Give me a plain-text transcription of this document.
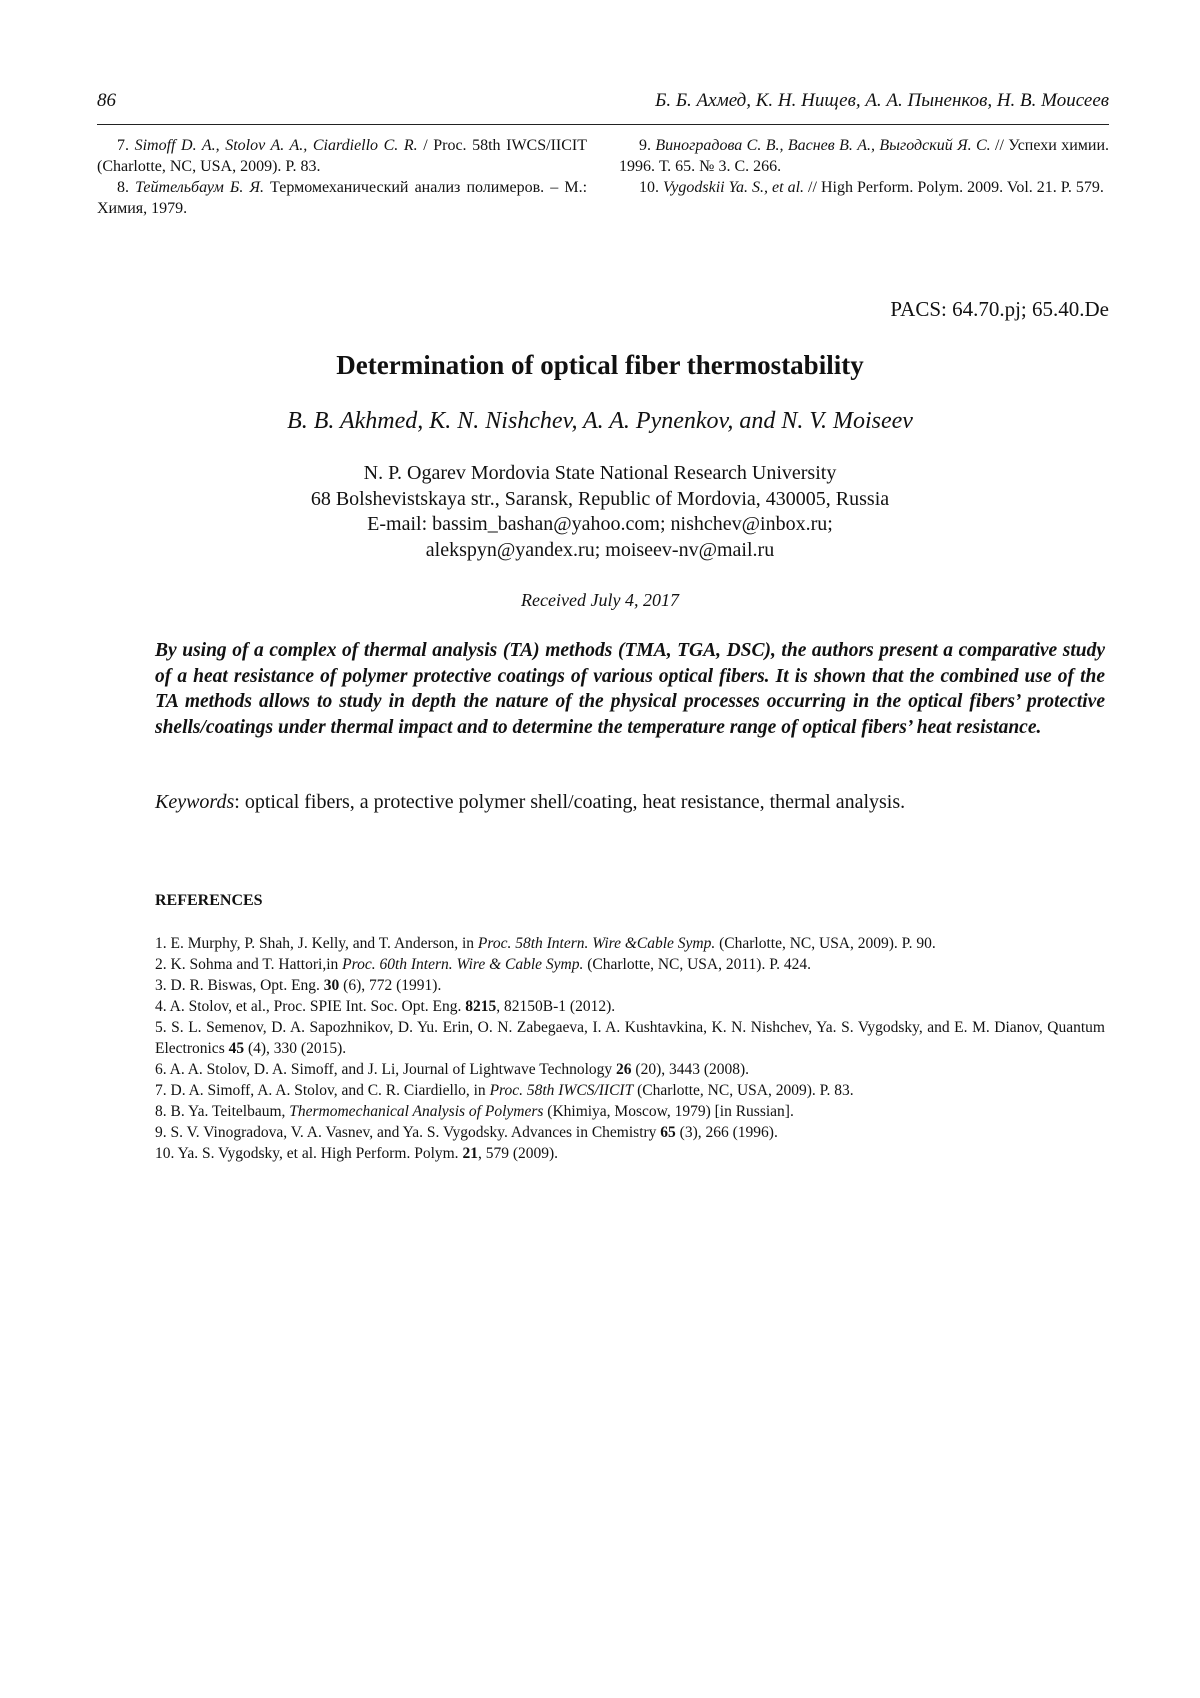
86	Б. Б. Ахмед, К. Н. Нищев, А. А. Пыненков, Н. В. Моисеев

7. Simoff D. A., Stolov A. A., Ciardiello C. R. / Proc. 58th IWCS/IICIT (Charlotte, NC, USA, 2009). P. 83.

8. Тейтельбаум Б. Я. Термомеханический анализ полимеров. – М.: Химия, 1979.

9. Виноградова С. В., Васнев В. А., Выгодский Я. С. // Успехи химии. 1996. Т. 65. № 3. С. 266.

10. Vygodskii Ya. S., et al. // High Perform. Polym. 2009. Vol. 21. P. 579.

PACS: 64.70.pj; 65.40.De
Determination of optical fiber thermostability
B. B. Akhmed, K. N. Nishchev, A. A. Pynenkov, and N. V. Moiseev
N. P. Ogarev Mordovia State National Research University
68 Bolshevistskaya str., Saransk, Republic of Mordovia, 430005, Russia
E-mail: bassim_bashan@yahoo.com; nishchev@inbox.ru;
alekspyn@yandex.ru; moiseev-nv@mail.ru
Received July 4, 2017
By using of a complex of thermal analysis (TA) methods (TMA, TGA, DSC), the authors present a comparative study of a heat resistance of polymer protective coatings of various optical fibers. It is shown that the combined use of the TA methods allows to study in depth the nature of the physical processes occurring in the optical fibers’ protective shells/coatings under thermal impact and to determine the temperature range of optical fibers’ heat resistance.
Keywords: optical fibers, a protective polymer shell/coating, heat resistance, thermal analysis.
REFERENCES

1. E. Murphy, P. Shah, J. Kelly, and T. Anderson, in Proc. 58th Intern. Wire &Cable Symp. (Charlotte, NC, USA, 2009). P. 90.

2. K. Sohma and T. Hattori,in Proc. 60th Intern. Wire & Cable Symp. (Charlotte, NC, USA, 2011). P. 424.

3. D. R. Biswas, Opt. Eng. 30 (6), 772 (1991).

4. A. Stolov, et al., Proc. SPIE Int. Soc. Opt. Eng. 8215, 82150B-1 (2012).

5. S. L. Semenov, D. A. Sapozhnikov, D. Yu. Erin, O. N. Zabegaeva, I. A. Kushtavkina, K. N. Nishchev, Ya. S. Vygodsky, and E. M. Dianov, Quantum Electronics 45 (4), 330 (2015).

6. A. A. Stolov, D. A. Simoff, and J. Li, Journal of Lightwave Technology 26 (20), 3443 (2008).

7. D. A. Simoff, A. A. Stolov, and C. R. Ciardiello, in Proc. 58th IWCS/IICIT (Charlotte, NC, USA, 2009). P. 83.

8. B. Ya. Teitelbaum, Thermomechanical Analysis of Polymers (Khimiya, Moscow, 1979) [in Russian].

9. S. V. Vinogradova, V. A. Vasnev, and Ya. S. Vygodsky. Advances in Chemistry 65 (3), 266 (1996).

10. Ya. S. Vygodsky, et al. High Perform. Polym. 21, 579 (2009).
